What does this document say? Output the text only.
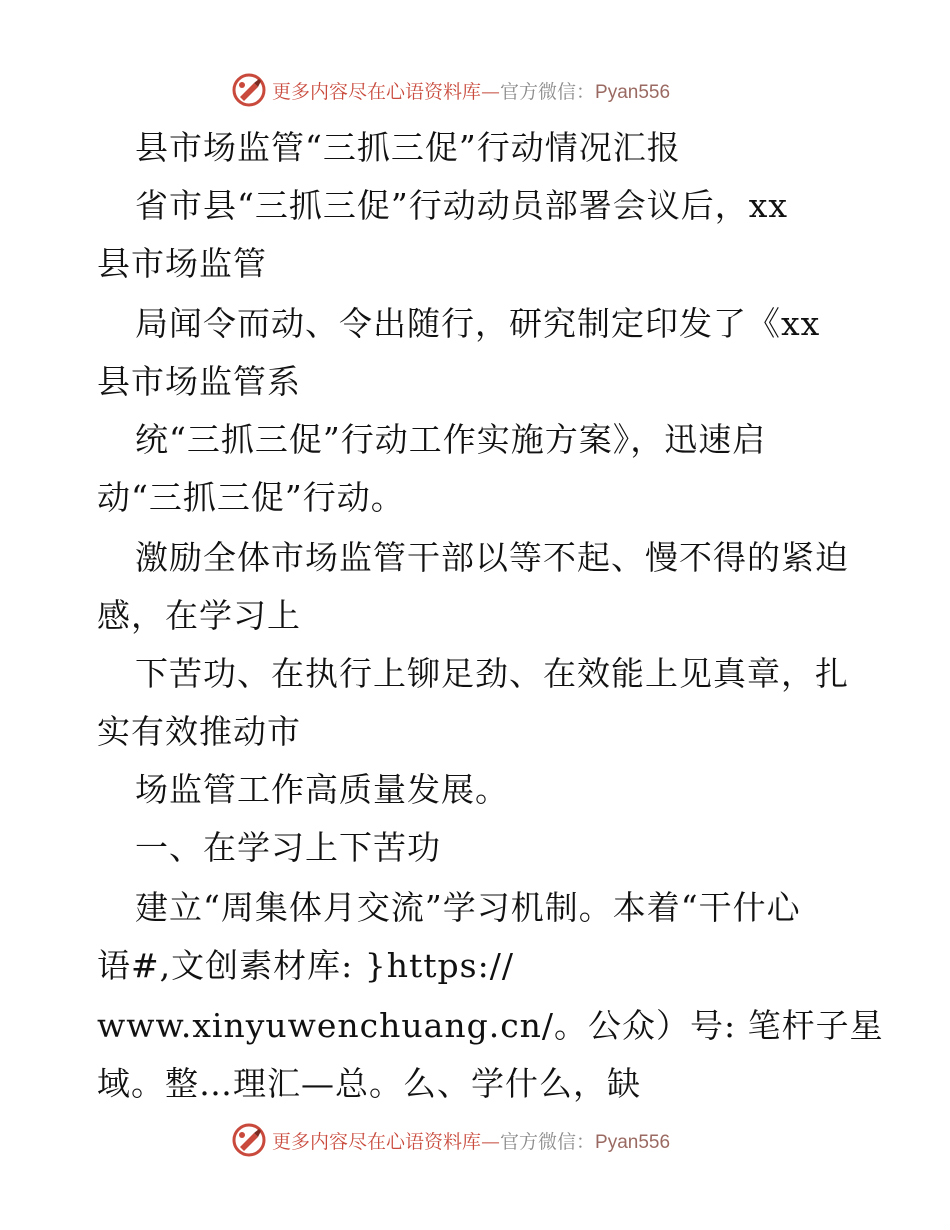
更多内容尽在心语资料库—官方微信：Pyan556
县市场监管“三抓三促”行动情况汇报
省市县“三抓三促”行动动员部署会议后，xx
县市场监管
局闻令而动、令出随行，研究制定印发了《xx
县市场监管系
统“三抓三促”行动工作实施方案》，迅速启
动“三抓三促”行动。
激励全体市场监管干部以等不起、慢不得的紧迫
感，在学习上
下苦功、在执行上铆足劲、在效能上见真章，扎
实有效推动市
场监管工作高质量发展。
一、在学习上下苦功
建立“周集体月交流”学习机制。本着“干什心
语#,文创素材库: }https://
www.xinyuwenchuang.cn/。公众）号: 笔杆子星
域。整…理汇—总。么、学什么，缺
更多内容尽在心语资料库—官方微信：Pyan556
